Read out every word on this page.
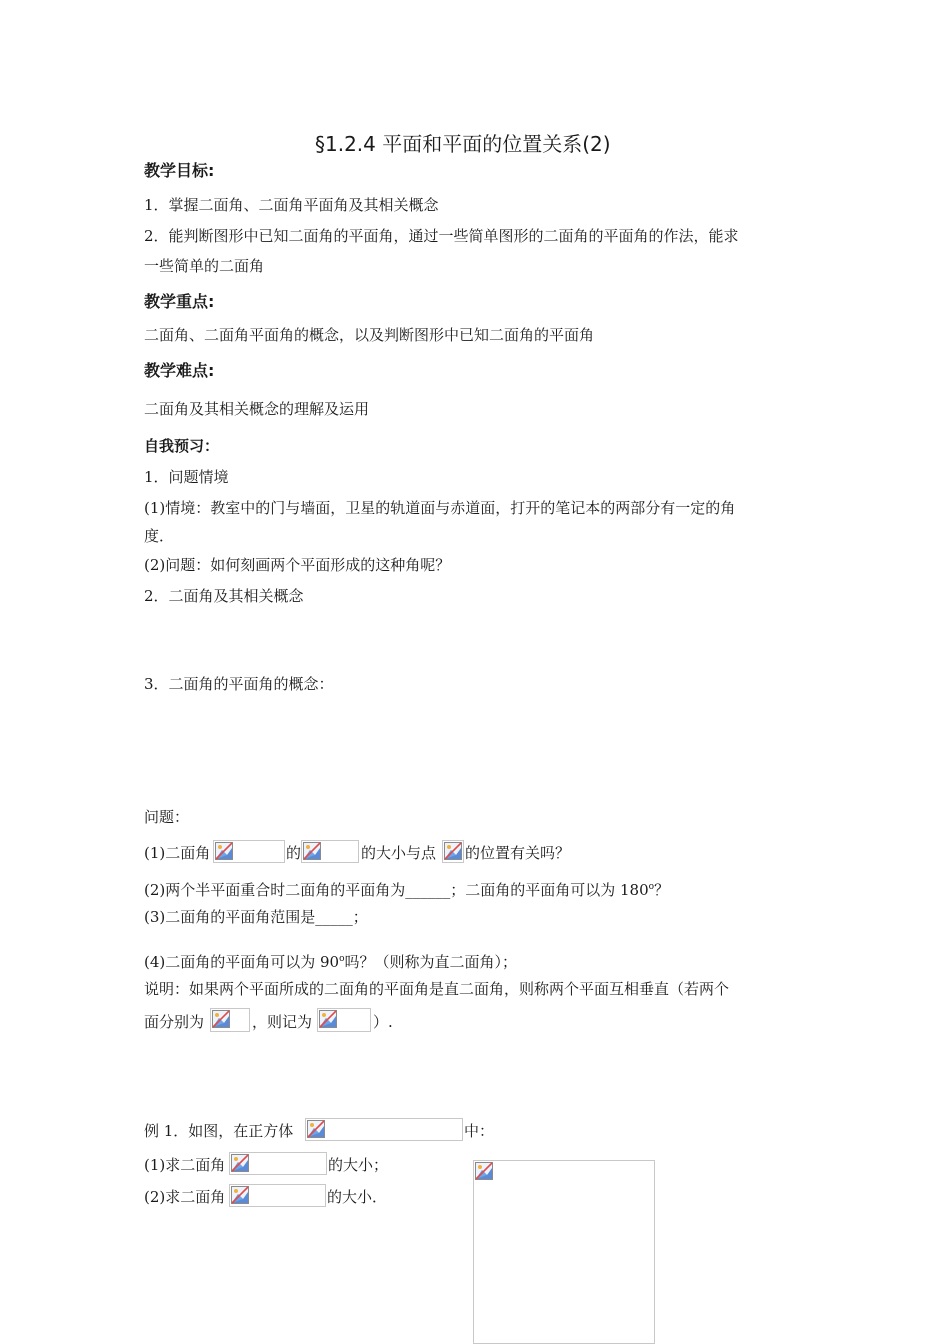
§1.2.4 平面和平面的位置关系(2)
教学目标:
1．掌握二面角、二面角平面角及其相关概念
2．能判断图形中已知二面角的平面角，通过一些简单图形的二面角的平面角的作法，能求
一些简单的二面角
教学重点:
二面角、二面角平面角的概念，以及判断图形中已知二面角的平面角
教学难点:
二面角及其相关概念的理解及运用
自我预习：
1．问题情境
(1)情境：教室中的门与墙面，卫星的轨道面与赤道面，打开的笔记本的两部分有一定的角
度．
(2)问题：如何刻画两个平面形成的这种角呢？
2．二面角及其相关概念
3．二面角的平面角的概念：
问题：
(1)二面角	的	的大小与点 的位置有关吗？
(2)两个半平面重合时二面角的平面角为______；二面角的平面角可以为 180$^o$？
(3)二面角的平面角范围是_____；
(4)二面角的平面角可以为 90$^o$吗？（则称为直二面角）；
说明：如果两个平面所成的二面角的平面角是直二面角，则称两个平面互相垂直（若两个
面分别为	，则记为	）.
例 1．如图，在正方体	中：
(1)求二面角	的大小；
(2)求二面角	的大小．
